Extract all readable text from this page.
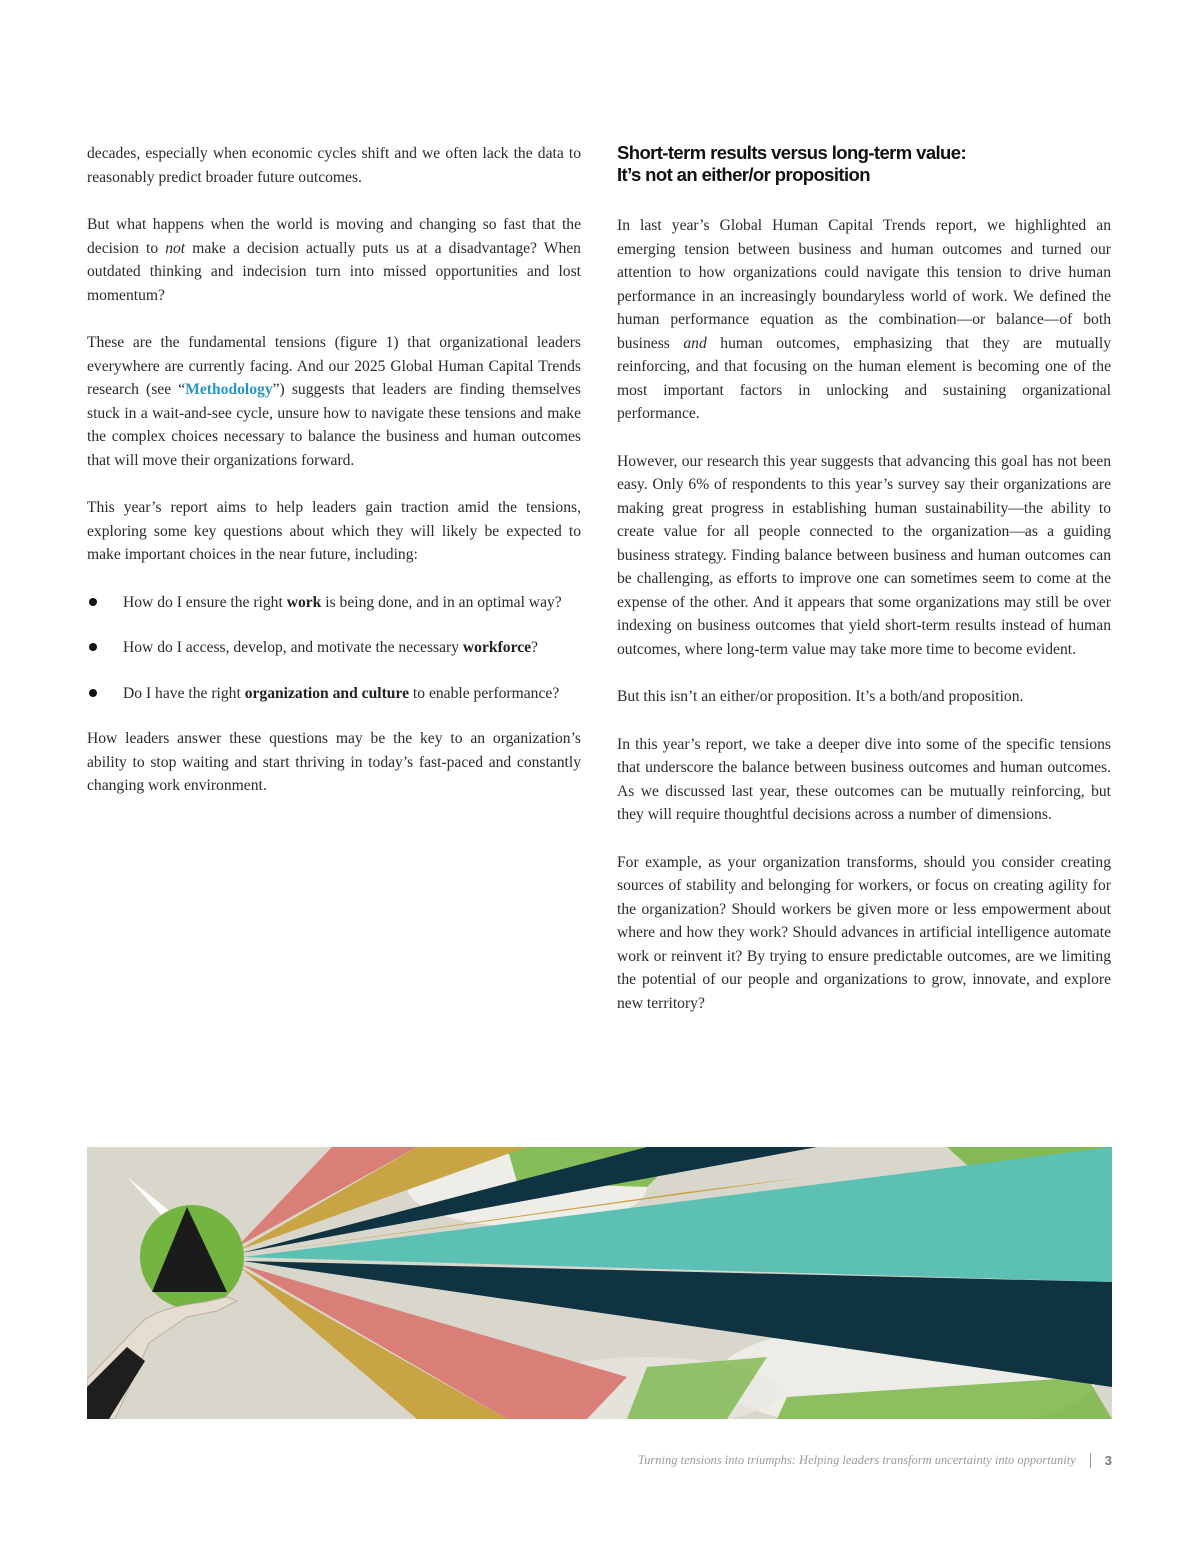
decades, especially when economic cycles shift and we often lack the data to reasonably predict broader future outcomes.

But what happens when the world is moving and changing so fast that the decision to not make a decision actually puts us at a disadvantage? When outdated thinking and indecision turn into missed opportunities and lost momentum?

These are the fundamental tensions (figure 1) that organizational leaders everywhere are currently facing. And our 2025 Global Human Capital Trends research (see “Methodology”) suggests that leaders are finding themselves stuck in a wait-and-see cycle, unsure how to navigate these tensions and make the complex choices necessary to balance the business and human outcomes that will move their organizations forward.

This year’s report aims to help leaders gain traction amid the tensions, exploring some key questions about which they will likely be expected to make important choices in the near future, including:

How do I ensure the right work is being done, and in an optimal way?
How do I access, develop, and motivate the necessary workforce?
Do I have the right organization and culture to enable performance?

How leaders answer these questions may be the key to an organization’s ability to stop waiting and start thriving in today’s fast-paced and constantly changing work environment.

Short-term results versus long-term value:
It’s not an either/or proposition

In last year’s Global Human Capital Trends report, we highlighted an emerging tension between business and human outcomes and turned our attention to how organizations could navigate this tension to drive human performance in an increasingly boundaryless world of work. We defined the human performance equation as the combination—or balance—of both business and human outcomes, emphasizing that they are mutually reinforcing, and that focusing on the human element is becoming one of the most important factors in unlocking and sustaining organizational performance.

However, our research this year suggests that advancing this goal has not been easy. Only 6% of respondents to this year’s survey say their organizations are making great progress in establishing human sustainability—the ability to create value for all people connected to the organization—as a guiding business strategy. Finding balance between business and human outcomes can be challenging, as efforts to improve one can sometimes seem to come at the expense of the other. And it appears that some organizations may still be over indexing on business outcomes that yield short-term results instead of human outcomes, where long-term value may take more time to become evident.

But this isn’t an either/or proposition. It’s a both/and proposition.

In this year’s report, we take a deeper dive into some of the specific tensions that underscore the balance between business outcomes and human outcomes. As we discussed last year, these outcomes can be mutually reinforcing, but they will require thoughtful decisions across a number of dimensions.

For example, as your organization transforms, should you consider creating sources of stability and belonging for workers, or focus on creating agility for the organization? Should workers be given more or less empowerment about where and how they work? Should advances in artificial intelligence automate work or reinvent it? By trying to ensure predictable outcomes, are we limiting the potential of our people and organizations to grow, innovate, and explore new territory?

Turning tensions into triumphs: Helping leaders transform uncertainty into opportunity 3
